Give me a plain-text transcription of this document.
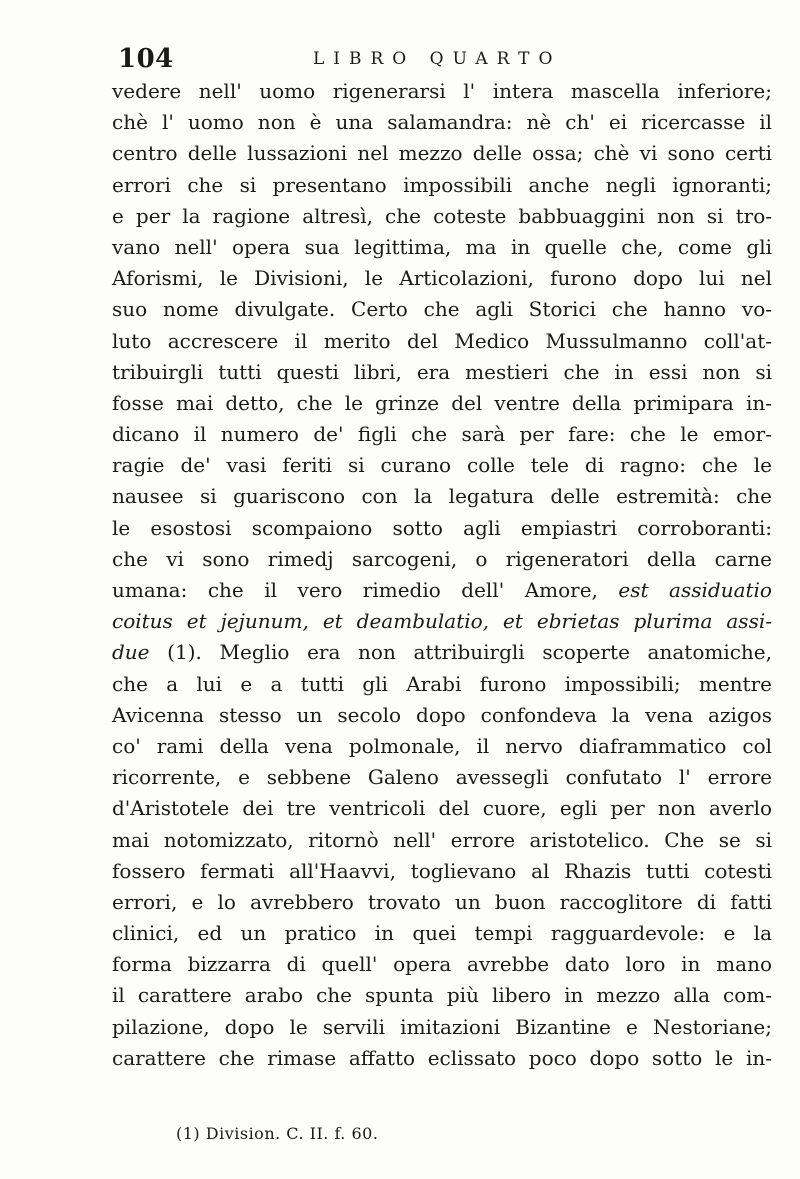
104	LIBRO QUARTO
vedere nell' uomo rigenerarsi l' intera mascella inferiore;
chè l' uomo non è una salamandra: nè ch' ei ricercasse il
centro delle lussazioni nel mezzo delle ossa; chè vi sono certi
errori che si presentano impossibili anche negli ignoranti;
e per la ragione altresì, che coteste babbuaggini non si tro-
vano nell' opera sua legittima, ma in quelle che, come gli
Aforismi, le Divisioni, le Articolazioni, furono dopo lui nel
suo nome divulgate. Certo che agli Storici che hanno vo-
luto accrescere il merito del Medico Mussulmanno coll'at-
tribuirgli tutti questi libri, era mestieri che in essi non si
fosse mai detto, che le grinze del ventre della primipara in-
dicano il numero de' figli che sarà per fare: che le emor-
ragie de' vasi feriti si curano colle tele di ragno: che le
nausee si guariscono con la legatura delle estremità: che
le esostosi scompaiono sotto agli empiastri corroboranti:
che vi sono rimedj sarcogeni, o rigeneratori della carne
umana: che il vero rimedio dell' Amore, est assiduatio
coitus et jejunum, et deambulatio, et ebrietas plurima assi-
due (1). Meglio era non attribuirgli scoperte anatomiche,
che a lui e a tutti gli Arabi furono impossibili; mentre
Avicenna stesso un secolo dopo confondeva la vena azigos
co' rami della vena polmonale, il nervo diaframmatico col
ricorrente, e sebbene Galeno avessegli confutato l' errore
d'Aristotele dei tre ventricoli del cuore, egli per non averlo
mai notomizzato, ritornò nell' errore aristotelico. Che se si
fossero fermati all'Haavvi, toglievano al Rhazis tutti cotesti
errori, e lo avrebbero trovato un buon raccoglitore di fatti
clinici, ed un pratico in quei tempi ragguardevole: e la
forma bizzarra di quell' opera avrebbe dato loro in mano
il carattere arabo che spunta più libero in mezzo alla com-
pilazione, dopo le servili imitazioni Bizantine e Nestoriane;
carattere che rimase affatto eclissato poco dopo sotto le in-
(1) Division. C. II. f. 60.
